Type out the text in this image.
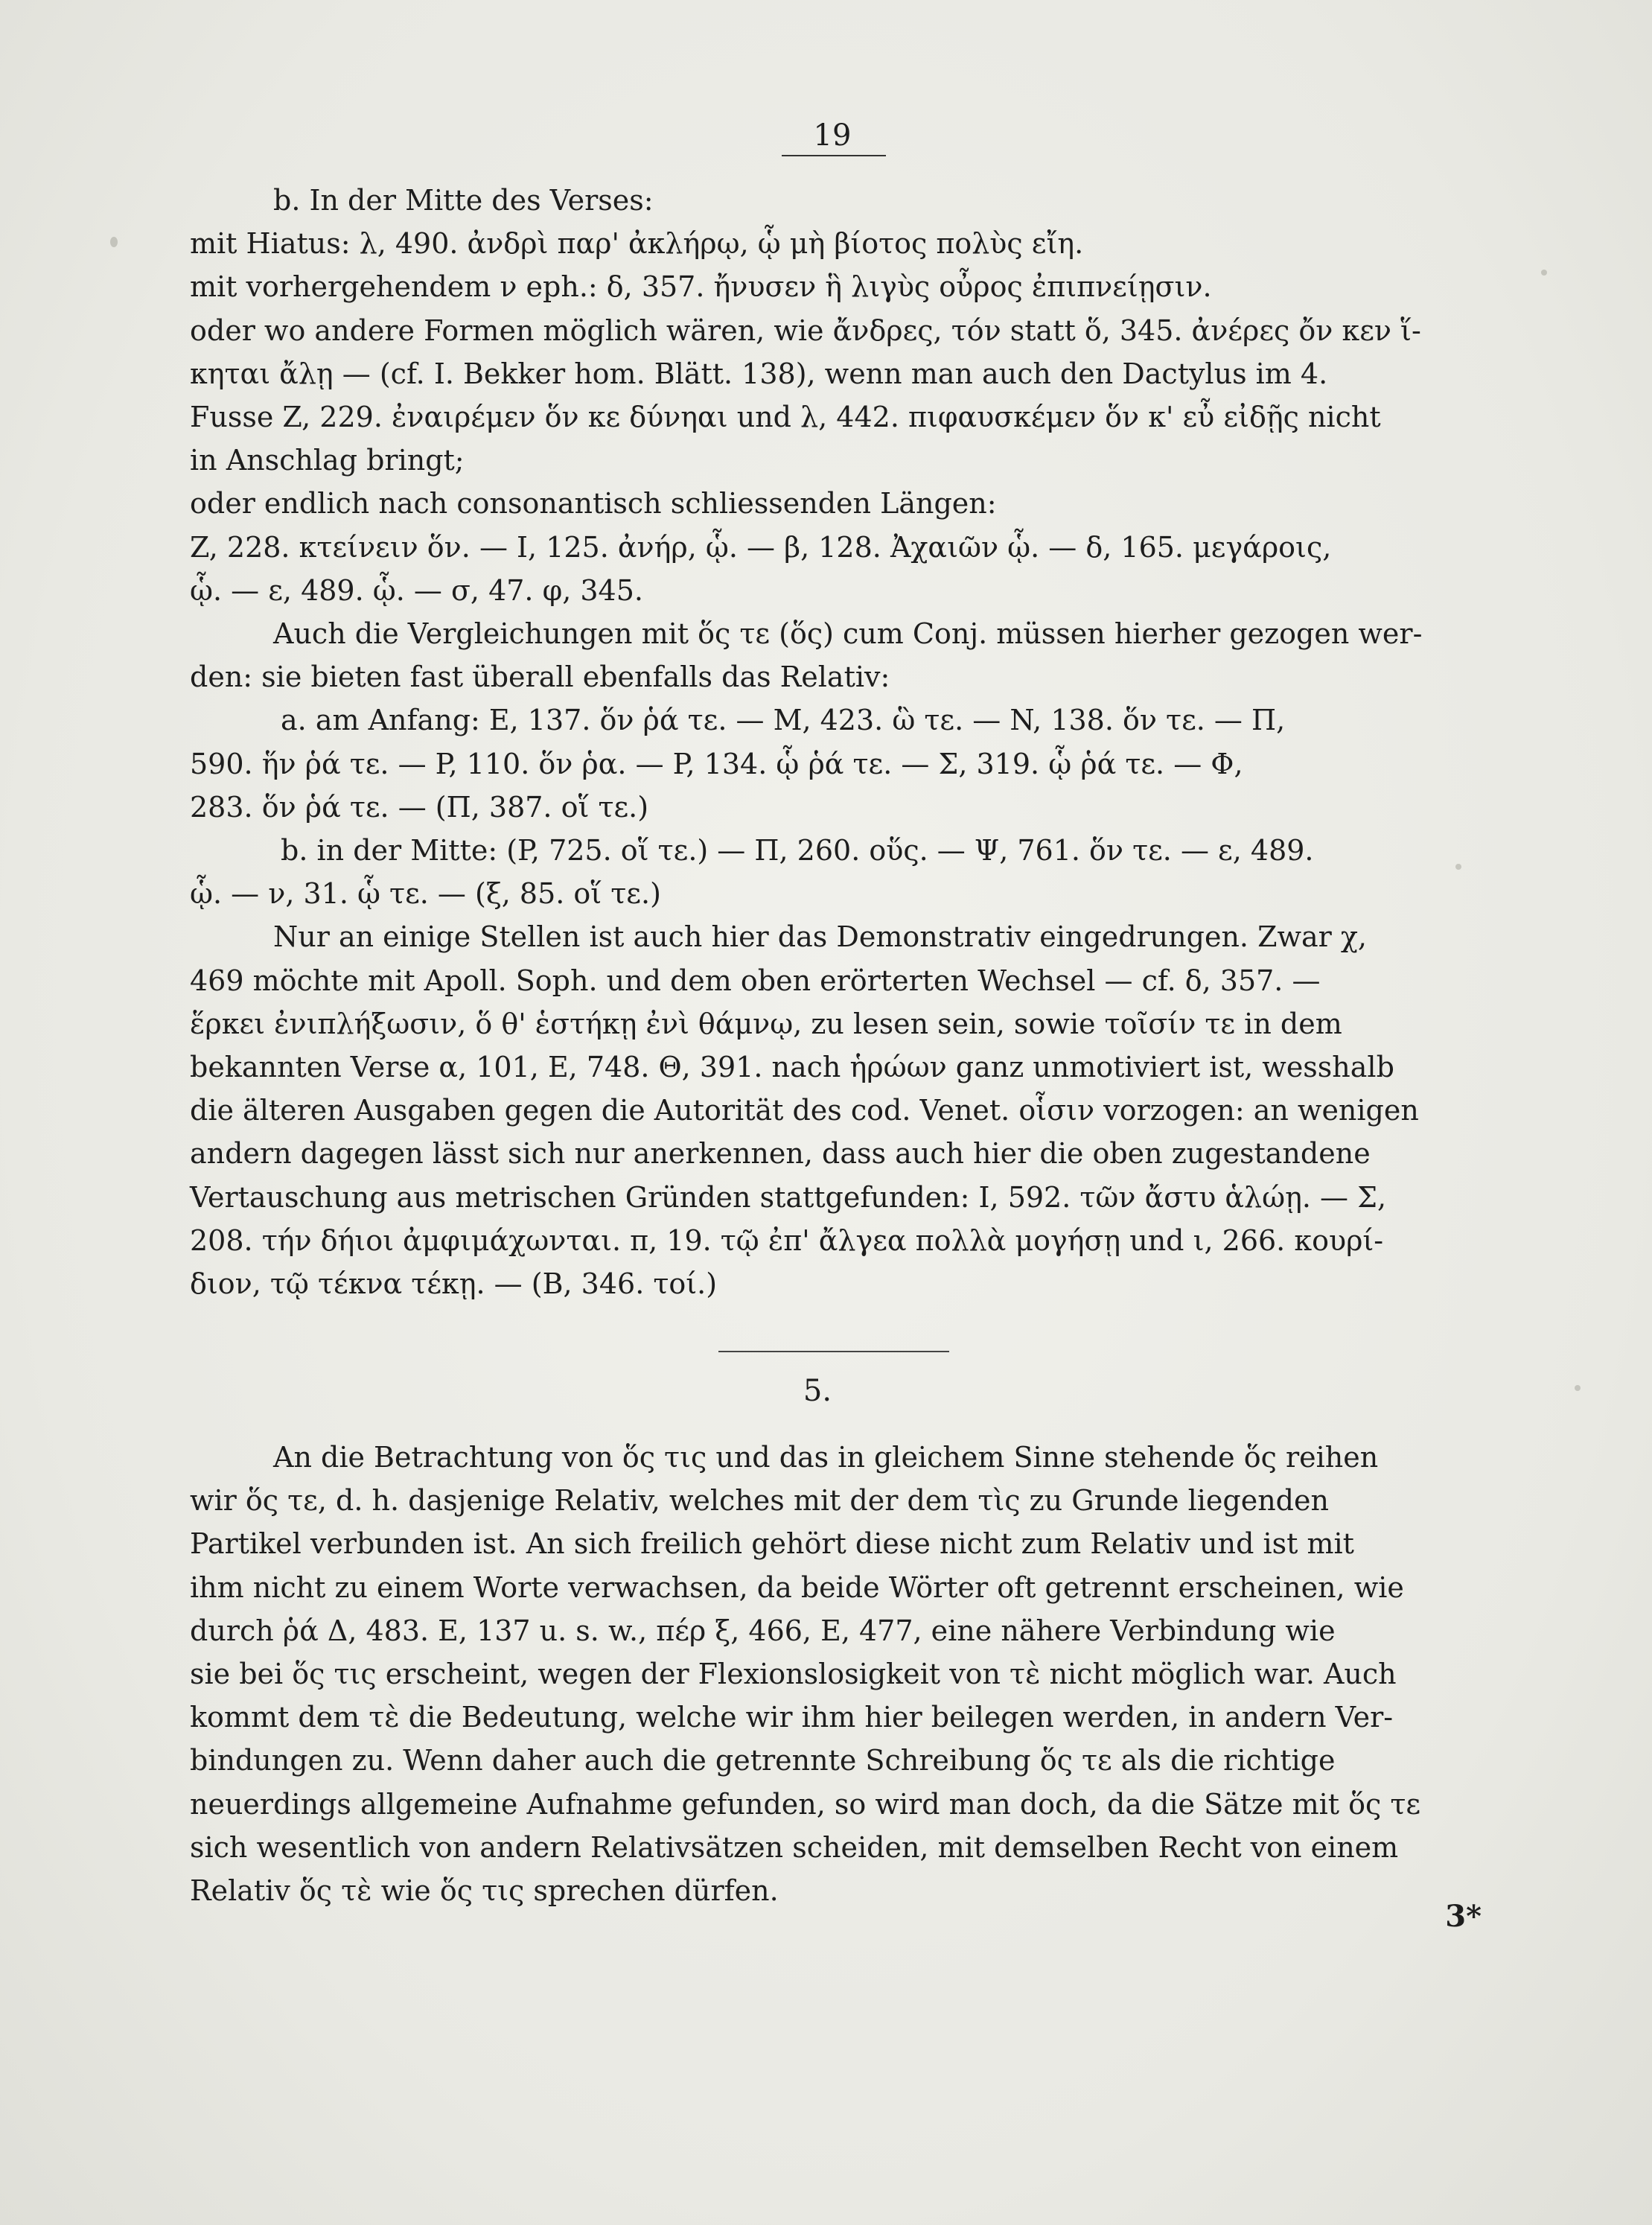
19

b. In der Mitte des Verses:
mit Hiatus: λ, 490. ἀνδρὶ παρ' ἀκλήρῳ, ᾧ μὴ βίοτος πολὺς εἴη.
mit vorhergehendem ν eph.: δ, 357. ἤνυσεν ἣ λιγὺς οὖρος ἐπιπνείῃσιν.
oder wo andere Formen möglich wären, wie ἄνδρες, τόν statt ὅ, 345. ἀνέρες ὄν κεν ἵ-
κηται ἄλῃ — (cf. I. Bekker hom. Blätt. 138), wenn man auch den Dactylus im 4.
Fusse Z, 229. ἐναιρέμεν ὅν κε δύνηαι und λ, 442. πιφαυσκέμεν ὅν κ' εὖ εἰδῇς nicht
in Anschlag bringt;
oder endlich nach consonantisch schliessenden Längen:
Z, 228. κτείνειν ὅν. — I, 125. ἀνήρ, ᾧ. — β, 128. Ἀχαιῶν ᾧ. — δ, 165. μεγάροις,
ᾧ. — ε, 489. ᾧ. — σ, 47. φ, 345.

Auch die Vergleichungen mit ὅς τε (ὅς) cum Conj. müssen hierher gezogen wer-
den: sie bieten fast überall ebenfalls das Relativ:
a. am Anfang: E, 137. ὅν ῥά τε. — M, 423. ὣ τε. — N, 138. ὅν τε. — Π,
590. ἥν ῥά τε. — P, 110. ὅν ῥα. — P, 134. ᾧ ῥά τε. — Σ, 319. ᾧ ῥά τε. — Φ,
283. ὅν ῥά τε. — (Π, 387. οἵ τε.)
b. in der Mitte: (P, 725. οἵ τε.) — Π, 260. οὕς. — Ψ, 761. ὅν τε. — ε, 489.
ᾧ. — ν, 31. ᾧ τε. — (ξ, 85. οἵ τε.)

Nur an einige Stellen ist auch hier das Demonstrativ eingedrungen. Zwar χ,
469 möchte mit Apoll. Soph. und dem oben erörterten Wechsel — cf. δ, 357. —
ἕρκει ἐνιπλήξωσιν, ὅ θ' ἑστήκῃ ἐνὶ θάμνῳ, zu lesen sein, sowie τοῖσίν τε in dem
bekannten Verse α, 101, E, 748. Θ, 391. nach ἡρώων ganz unmotiviert ist, wesshalb
die älteren Ausgaben gegen die Autorität des cod. Venet. οἷσιν vorzogen: an wenigen
andern dagegen lässt sich nur anerkennen, dass auch hier die oben zugestandene
Vertauschung aus metrischen Gründen stattgefunden: I, 592. τῶν ἄστυ ἁλώῃ. — Σ,
208. τήν δήιοι ἀμφιμάχωνται. π, 19. τῷ ἐπ' ἄλγεα πολλὰ μογήσῃ und ι, 266. κουρί-
διον, τῷ τέκνα τέκῃ. — (B, 346. τοί.)

5.

An die Betrachtung von ὅς τις und das in gleichem Sinne stehende ὅς reihen
wir ὅς τε, d. h. dasjenige Relativ, welches mit der dem τὶς zu Grunde liegenden
Partikel verbunden ist. An sich freilich gehört diese nicht zum Relativ und ist mit
ihm nicht zu einem Worte verwachsen, da beide Wörter oft getrennt erscheinen, wie
durch ῥά Δ, 483. E, 137 u. s. w., πέρ ξ, 466, E, 477, eine nähere Verbindung wie
sie bei ὅς τις erscheint, wegen der Flexionslosigkeit von τὲ nicht möglich war. Auch
kommt dem τὲ die Bedeutung, welche wir ihm hier beilegen werden, in andern Ver-
bindungen zu. Wenn daher auch die getrennte Schreibung ὅς τε als die richtige
neuerdings allgemeine Aufnahme gefunden, so wird man doch, da die Sätze mit ὅς τε
sich wesentlich von andern Relativsätzen scheiden, mit demselben Recht von einem
Relativ ὅς τὲ wie ὅς τις sprechen dürfen.

3*
